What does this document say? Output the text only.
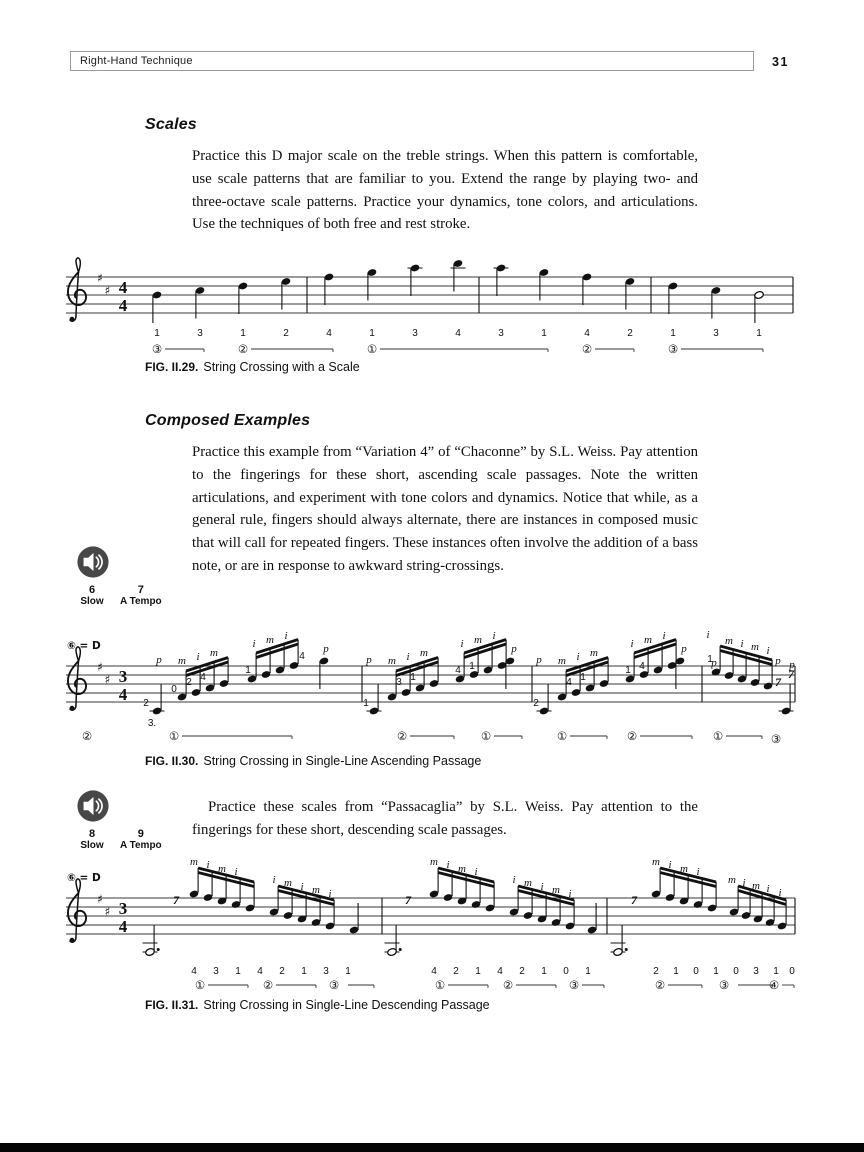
Right-Hand Technique	31
Scales

Practice this D major scale on the treble strings. When this pattern is comfortable, use scale patterns that are familiar to you. Extend the range by playing two- and three-octave scale patterns. Practice your dynamics, tone colors, and articulations. Use the techniques of both free and rest stroke.

♯
♯ 4
4
1	3	1	2	4	1	3	4	3	1	4	2	1	3	1
③	②	①	②	③
FIG. II.29. String Crossing with a Scale
Composed Examples

Practice this example from “Variation 4” of “Chaconne” by S.L. Weiss. Pay attention to the fingerings for these short, ascending scale passages. Note the written articulations, and experiment with tone colors and dynamics. Notice that while, as a general rule, fingers should always alternate, there are instances in composed music that will call for repeated fingers. These instances often involve the addition of a bass note, or are in response to awkward string-crossings.

6
Slow
7
A Tempo
⑥ = D
♯
♯ 3
4
p m i m
i m i
p
p m i m
i m i
p
p m i m
i m i
p
i
p
m i m i
p p
2
0
2 4
1
4
1
3 1
4 1
2
4 1
1 4
1
3.
②	①	②	①	①	②	①	③
7
7
FIG. II.30. String Crossing in Single-Line Ascending Passage
8
Slow
9
A Tempo

Practice these scales from “Passacaglia” by S.L. Weiss. Pay attention to the fingerings for these short, descending scale passages.

⑥ = D
♯
♯ 3
4
7	7	7
m i m i
i m i m i
m i m i
i m i m i
m i m i
m i m i i
4 3 1 4 2 1 3 1	4 2 1 4 2 1 0 1	2 1 0 1 0 3 1 0
①	②	③	①	②	③	②	③	④
FIG. II.31. String Crossing in Single-Line Descending Passage
